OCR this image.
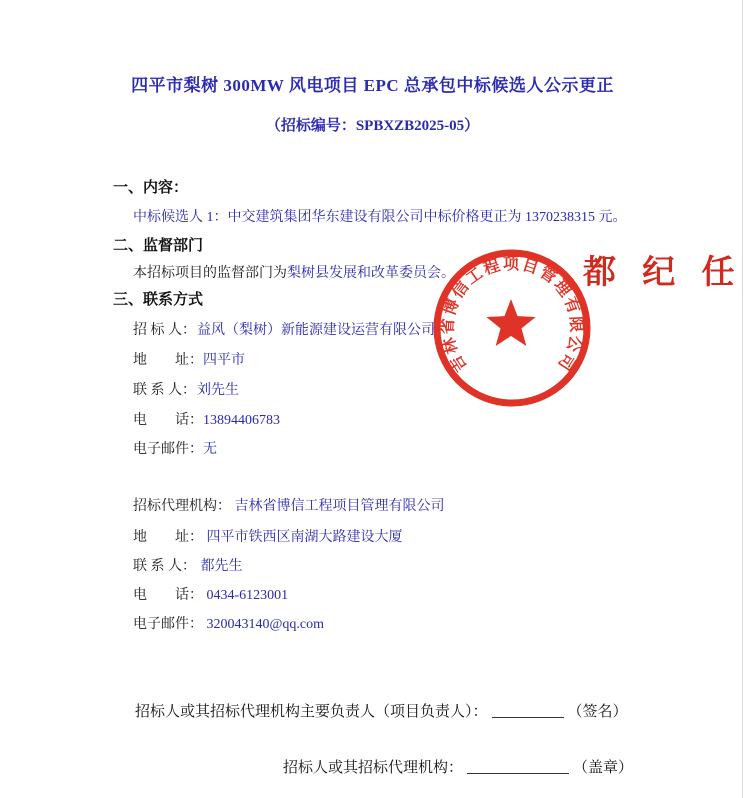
四平市梨树 300MW 风电项目 EPC 总承包中标候选人公示更正
（招标编号：SPBXZB2025-05）
一、内容：
中标候选人 1：中交建筑集团华东建设有限公司中标价格更正为 1370238315 元。
二、监督部门
本招标项目的监督部门为梨树县发展和改革委员会。
三、联系方式
招 标 人：益风（梨树）新能源建设运营有限公司
地　　址：四平市
联 系 人：刘先生
电　　话：13894406783
电子邮件：无
招标代理机构： 吉林省博信工程项目管理有限公司
地　　址： 四平市铁西区南湖大路建设大厦
联 系 人： 都先生
电　　话： 0434-6123001
电子邮件： 320043140@qq.com
招标人或其招标代理机构主要负责人（项目负责人）：	（签名）
招标人或其招标代理机构：	（盖章）
吉林省博信工程项目管理有限公司
都 纪 任
